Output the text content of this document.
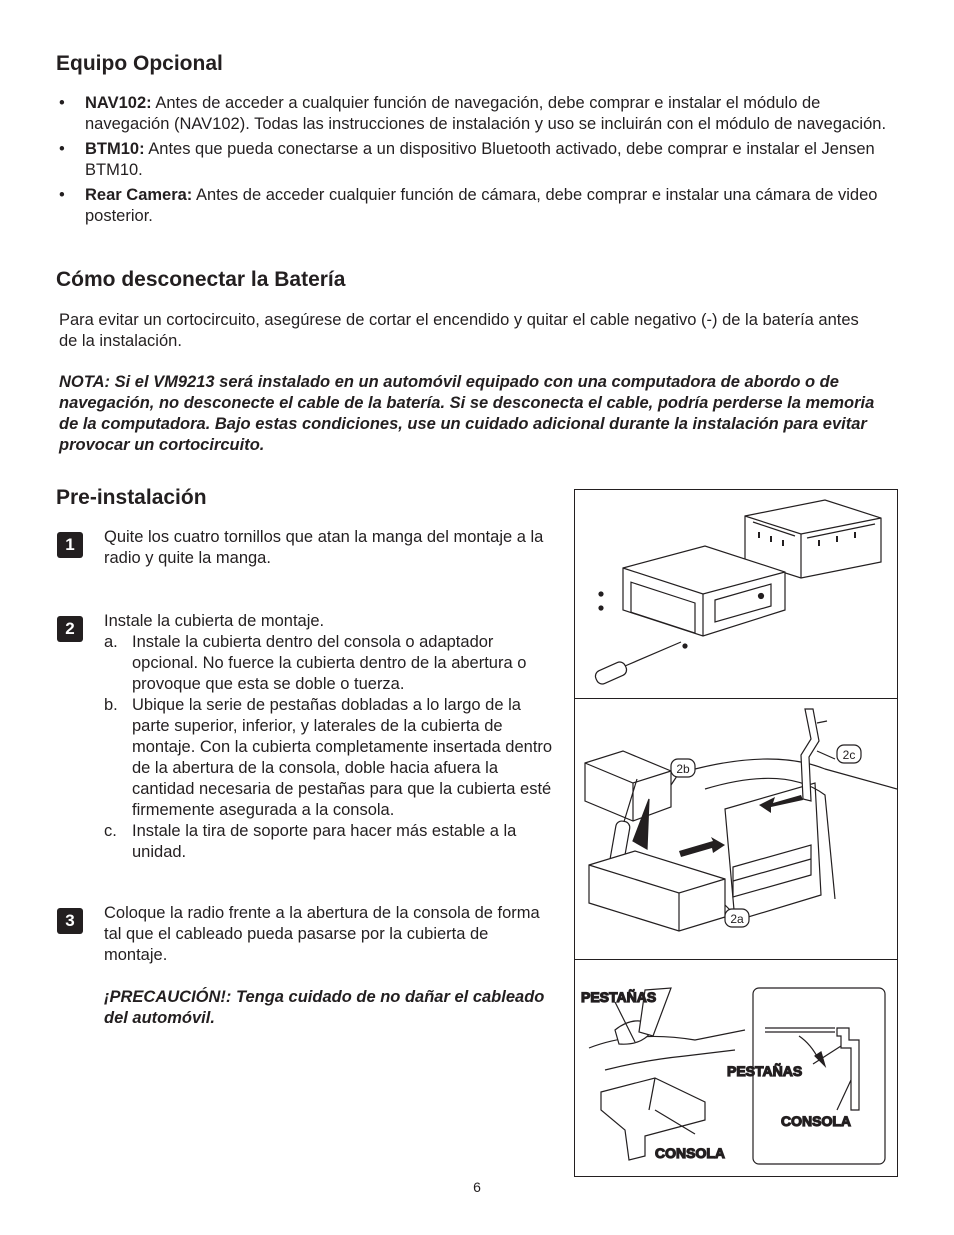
Equipo Opcional
• NAV102: Antes de acceder a cualquier función de navegación, debe comprar e instalar el módulo de navegación (NAV102). Todas las instrucciones de instalación y uso se incluirán con el módulo de navegación.
• BTM10: Antes que pueda conectarse a un dispositivo Bluetooth activado, debe comprar e instalar el Jensen BTM10.
• Rear Camera: Antes de acceder cualquier función de cámara, debe comprar e instalar una cámara de video posterior.
Cómo desconectar la Batería
Para evitar un cortocircuito, asegúrese de cortar el encendido y quitar el cable negativo (-) de la batería antes de la instalación.
NOTA: Si el VM9213 será instalado en un automóvil equipado con una computadora de abordo o de navegación, no desconecte el cable de la batería. Si se desconecta el cable, podría perderse la memoria de la computadora. Bajo estas condiciones, use un cuidado adicional durante la instalación para evitar provocar un cortocircuito.
Pre-instalación
1	Quite los cuatro tornillos que atan la manga del montaje a la radio y quite la manga.
2	Instale la cubierta de montaje.
a. Instale la cubierta dentro del consola o adaptador opcional. No fuerce la cubierta dentro de la abertura o provoque que esta se doble o tuerza.
b. Ubique la serie de pestañas dobladas a lo largo de la parte superior, inferior, y laterales de la cubierta de montaje. Con la cubierta completamente insertada dentro de la abertura de la consola, doble hacia afuera la cantidad necesaria de pestañas para que la cubierta esté firmemente asegurada a la consola.
c. Instale la tira de soporte para hacer más estable a la unidad.
3	Coloque la radio frente a la abertura de la consola de forma tal que el cableado pueda pasarse por la cubierta de montaje.
¡PRECAUCIÓN!: Tenga cuidado de no dañar el cableado del automóvil.
2b
2c
2a
PESTAÑAS
PESTAÑAS
CONSOLA
CONSOLA
6
